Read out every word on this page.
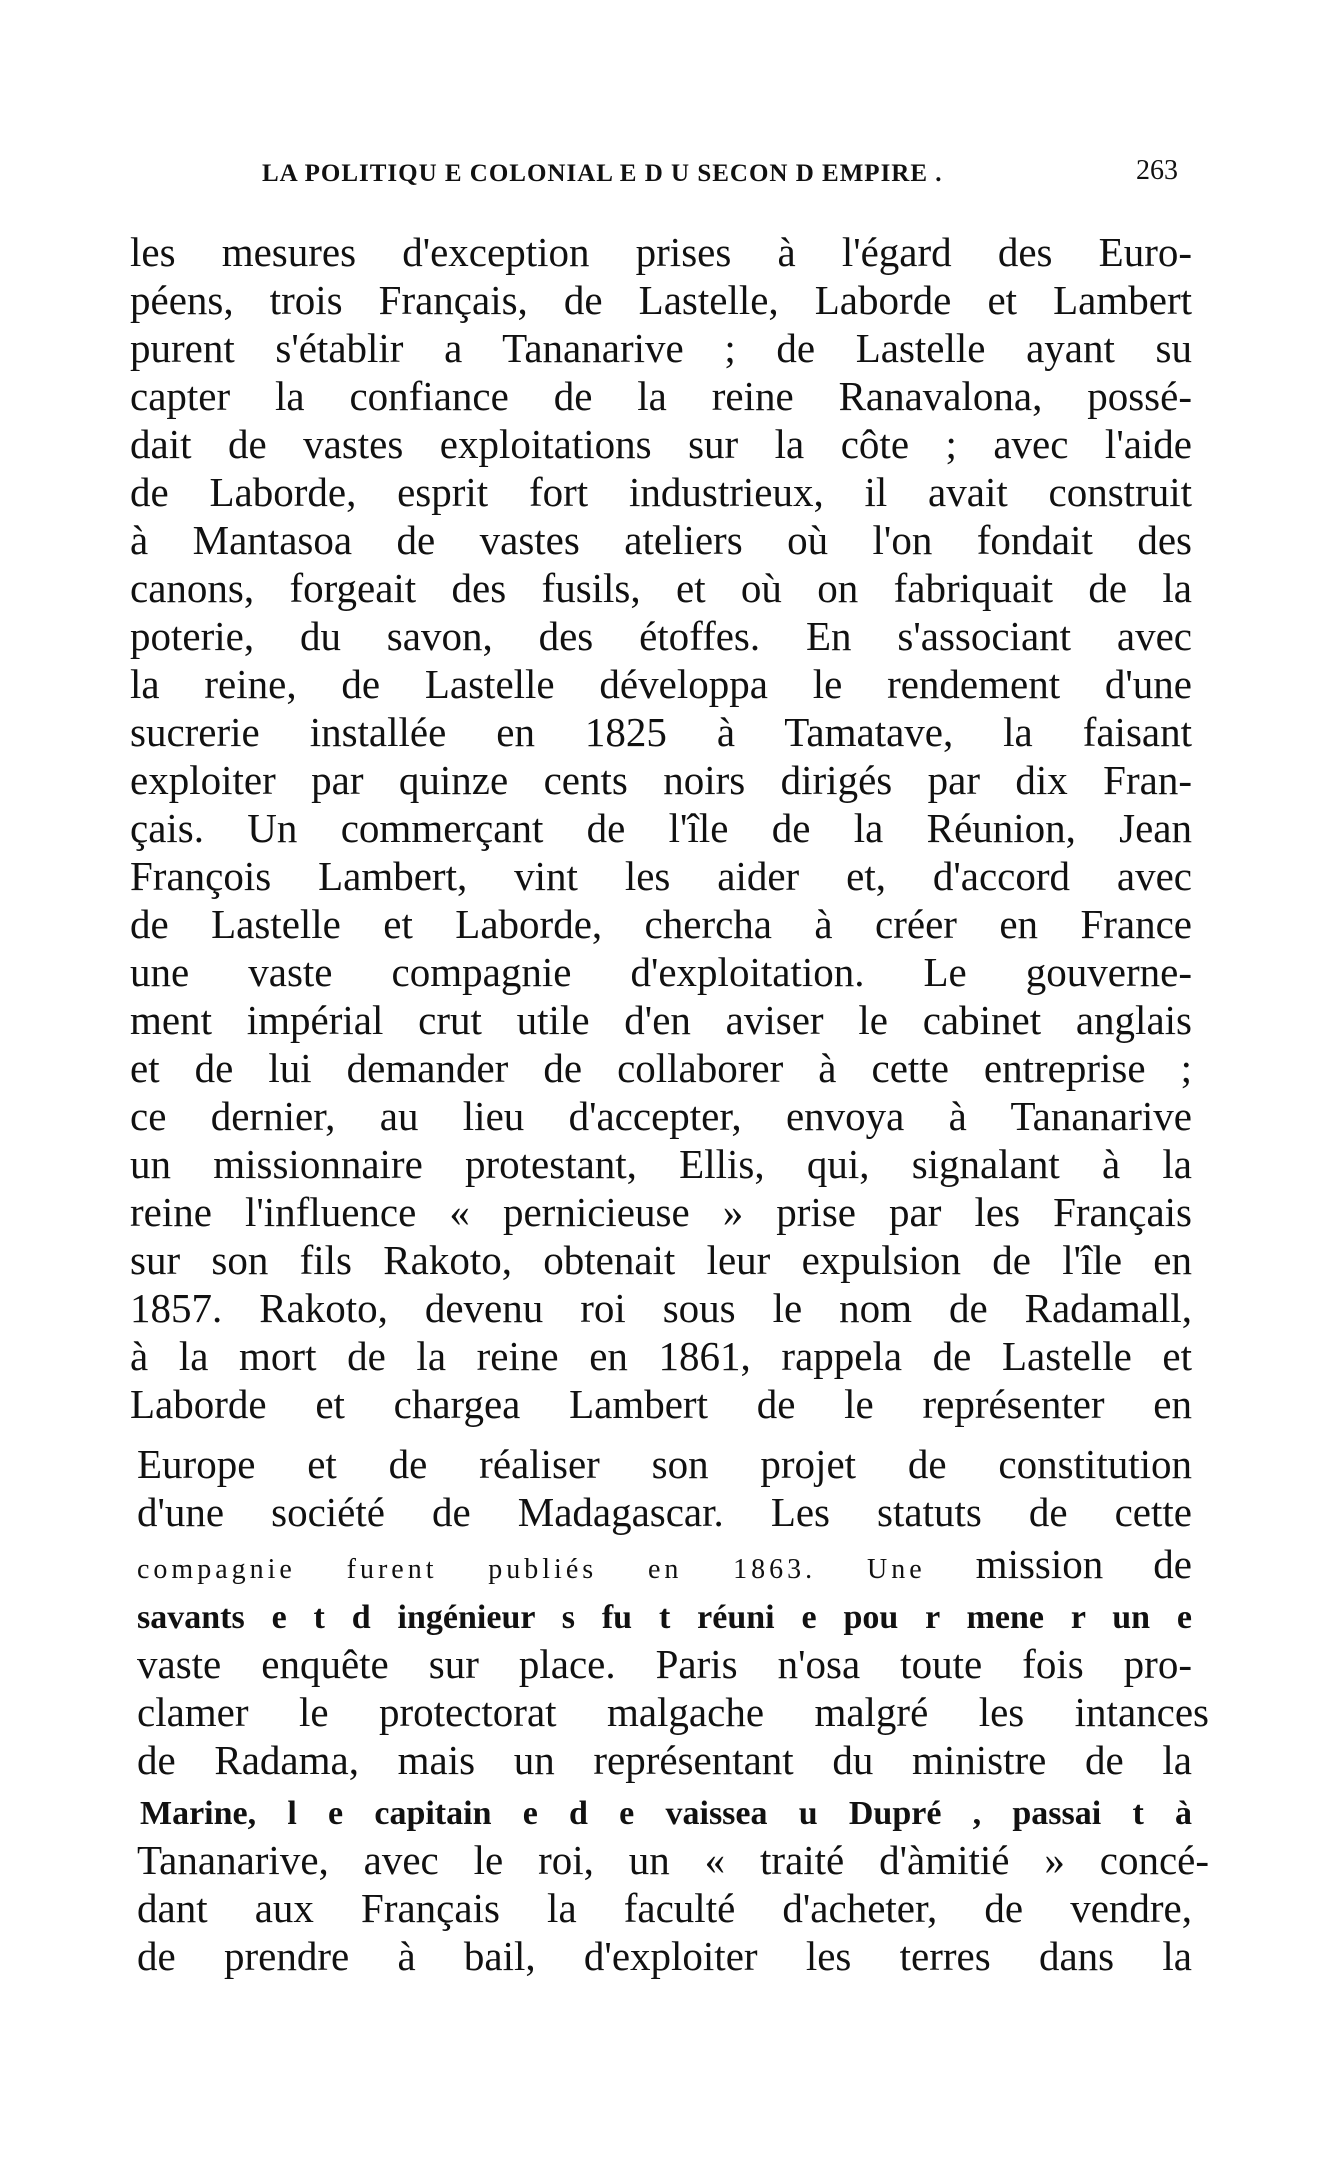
LA POLITIQU E COLONIAL E D U SECON D EMPIRE .	263
les mesures d'exception prises à l'égard des Euro-
péens, trois Français, de Lastelle, Laborde et Lambert
purent s'établir a Tananarive ; de Lastelle ayant su
capter la confiance de la reine Ranavalona, possé-
dait de vastes exploitations sur la côte ; avec l'aide
de Laborde, esprit fort industrieux, il avait construit
à Mantasoa de vastes ateliers où l'on fondait des
canons, forgeait des fusils, et où on fabriquait de la
poterie, du savon, des étoffes. En s'associant avec
la reine, de Lastelle développa le rendement d'une
sucrerie installée en 1825 à Tamatave, la faisant
exploiter par quinze cents noirs dirigés par dix Fran-
çais. Un commerçant de l'île de la Réunion, Jean
François Lambert, vint les aider et, d'accord avec
de Lastelle et Laborde, chercha à créer en France
une vaste compagnie d'exploitation. Le gouverne-
ment impérial crut utile d'en aviser le cabinet anglais
et de lui demander de collaborer à cette entreprise ;
ce dernier, au lieu d'accepter, envoya à Tananarive
un missionnaire protestant, Ellis, qui, signalant à la
reine l'influence « pernicieuse » prise par les Français
sur son fils Rakoto, obtenait leur expulsion de l'île en
1857. Rakoto, devenu roi sous le nom de Radamall,
à la mort de la reine en 1861, rappela de Lastelle et
Laborde et chargea Lambert de le représenter en
Europe et de réaliser son projet de constitution
d'une société de Madagascar. Les statuts de cette
compagnie furent publiés en 1863. Une mission de
savants e t d ingénieur s fu t réuni e pou r mene r un e
vaste enquête sur place. Paris n'osa toute fois pro-
clamer le protectorat malgache malgré les intances
de Radama, mais un représentant du ministre de la
Marine, l e capitain e d e vaissea u Dupré , passai t à
Tananarive, avec le roi, un « traité d'àmitié » concé-
dant aux Français la faculté d'acheter, de vendre,
de prendre à bail, d'exploiter les terres dans la
